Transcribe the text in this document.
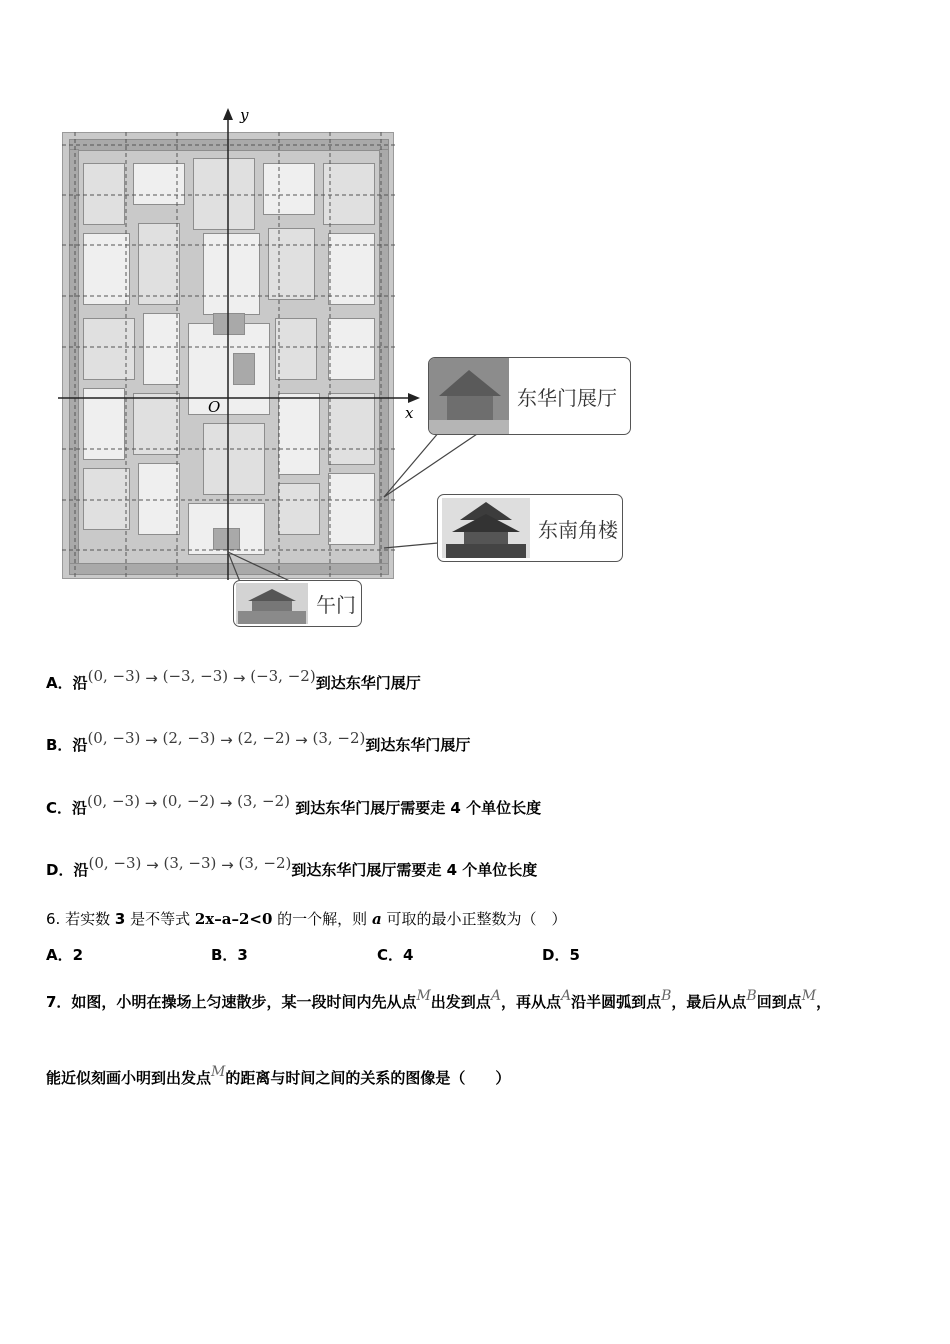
y
x
O	东华门展厅
东南角楼
午门
A．沿(0, −3) → (−3, −3) → (−3, −2)到达东华门展厅
B．沿(0, −3) → (2, −3) → (2, −2) → (3, −2)到达东华门展厅
C．沿(0, −3) → (0, −2) → (3, −2) 到达东华门展厅需要走 4 个单位长度
D．沿(0, −3) → (3, −3) → (3, −2)到达东华门展厅需要走 4 个单位长度
6. 若实数 3 是不等式 2x–a–2<0 的一个解，则 a 可取的最小正整数为（　）
A．2	B．3	C．4	D．5
7．如图，小明在操场上匀速散步，某一段时间内先从点M出发到点A，再从点A沿半圆弧到点B，最后从点B回到点M，
能近似刻画小明到出发点M的距离与时间之间的关系的图像是（　　）
